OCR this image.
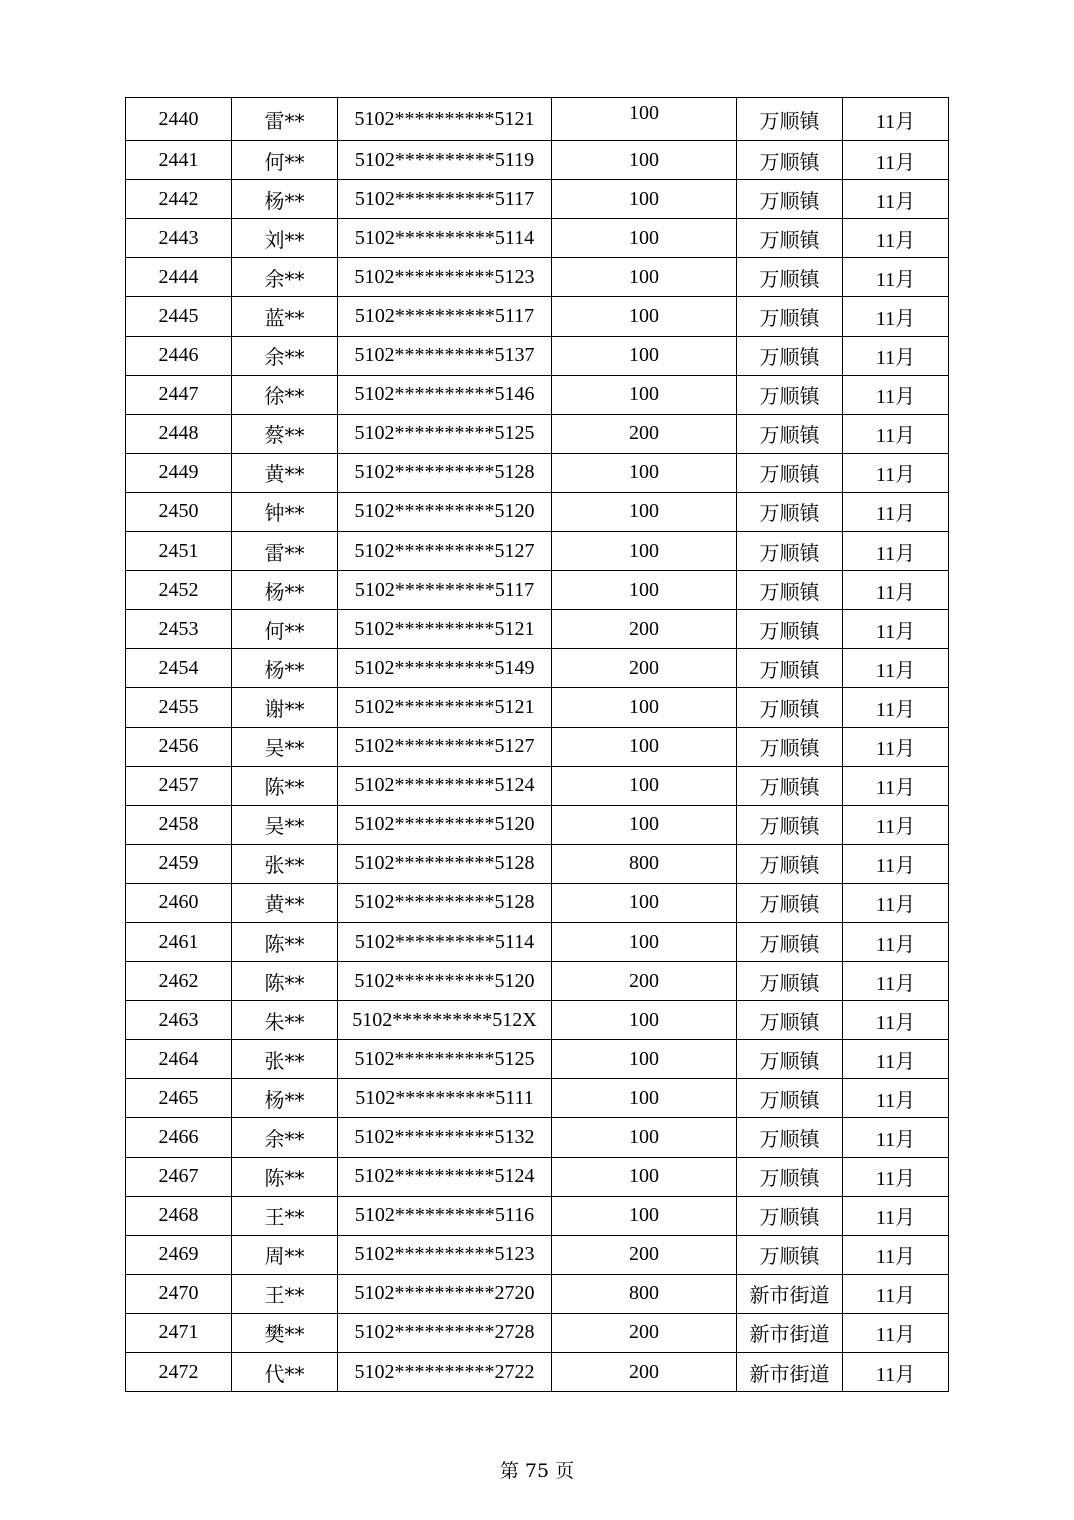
2440	雷**	5102**********5121	100	万顺镇	11月
2441	何**	5102**********5119	100	万顺镇	11月
2442	杨**	5102**********5117	100	万顺镇	11月
2443	刘**	5102**********5114	100	万顺镇	11月
2444	余**	5102**********5123	100	万顺镇	11月
2445	蓝**	5102**********5117	100	万顺镇	11月
2446	余**	5102**********5137	100	万顺镇	11月
2447	徐**	5102**********5146	100	万顺镇	11月
2448	蔡**	5102**********5125	200	万顺镇	11月
2449	黄**	5102**********5128	100	万顺镇	11月
2450	钟**	5102**********5120	100	万顺镇	11月
2451	雷**	5102**********5127	100	万顺镇	11月
2452	杨**	5102**********5117	100	万顺镇	11月
2453	何**	5102**********5121	200	万顺镇	11月
2454	杨**	5102**********5149	200	万顺镇	11月
2455	谢**	5102**********5121	100	万顺镇	11月
2456	吴**	5102**********5127	100	万顺镇	11月
2457	陈**	5102**********5124	100	万顺镇	11月
2458	吴**	5102**********5120	100	万顺镇	11月
2459	张**	5102**********5128	800	万顺镇	11月
2460	黄**	5102**********5128	100	万顺镇	11月
2461	陈**	5102**********5114	100	万顺镇	11月
2462	陈**	5102**********5120	200	万顺镇	11月
2463	朱**	5102**********512X	100	万顺镇	11月
2464	张**	5102**********5125	100	万顺镇	11月
2465	杨**	5102**********5111	100	万顺镇	11月
2466	余**	5102**********5132	100	万顺镇	11月
2467	陈**	5102**********5124	100	万顺镇	11月
2468	王**	5102**********5116	100	万顺镇	11月
2469	周**	5102**********5123	200	万顺镇	11月
2470	王**	5102**********2720	800	新市街道	11月
2471	樊**	5102**********2728	200	新市街道	11月
2472	代**	5102**********2722	200	新市街道	11月
第 75 页
